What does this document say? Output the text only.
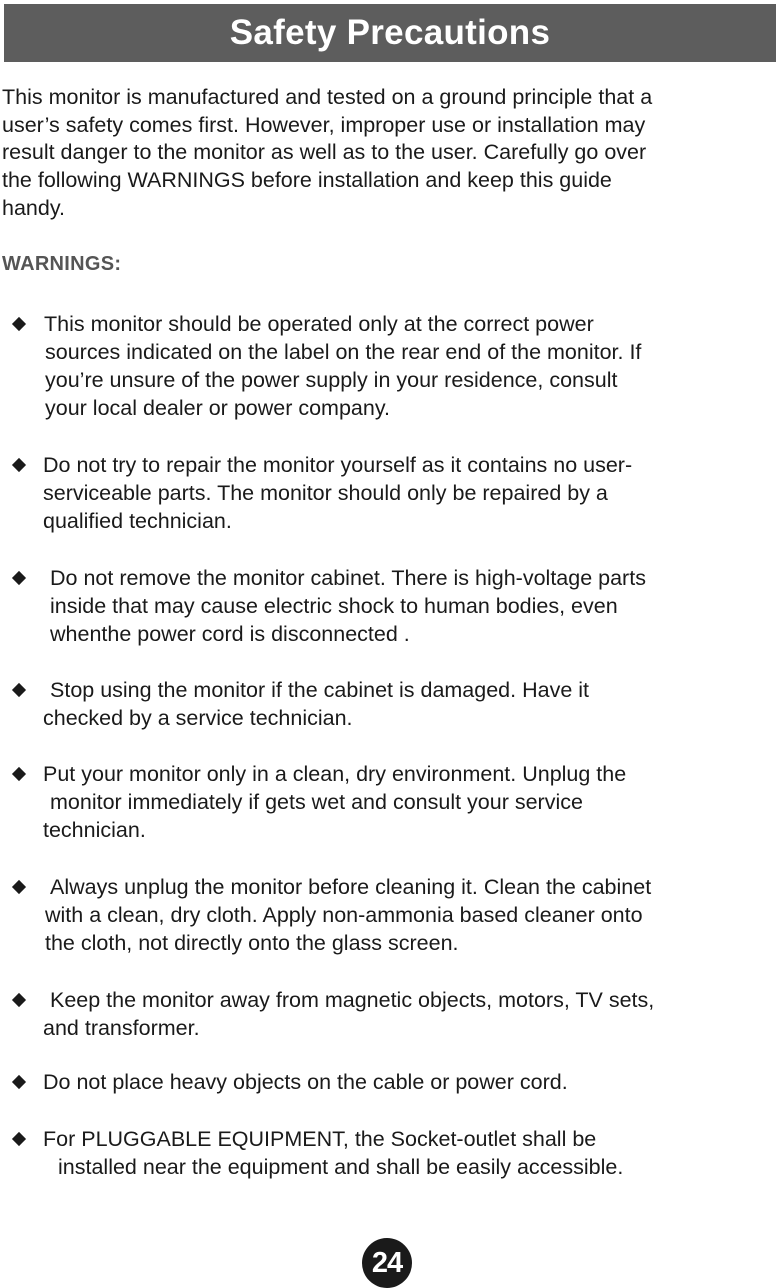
Safety Precautions
This monitor is manufactured and tested on a ground principle that a
user’s safety comes first. However, improper use or installation may
result danger to the monitor as well as to the user. Carefully go over
the following WARNINGS before installation and keep this guide
handy.
WARNINGS:
This monitor should be operated only at the correct power
sources indicated on the label on the rear end of the monitor. If
you’re unsure of the power supply in your residence, consult
your local dealer or power company.
Do not try to repair the monitor yourself as it contains no user-
serviceable parts. The monitor should only be repaired by a
qualified technician.
Do not remove the monitor cabinet. There is high-voltage parts
inside that may cause electric shock to human bodies, even
whenthe power cord is disconnected .
Stop using the monitor if the cabinet is damaged. Have it
checked by a service technician.
Put your monitor only in a clean, dry environment. Unplug the
monitor immediately if gets wet and consult your service
technician.
Always unplug the monitor before cleaning it. Clean the cabinet
with a clean, dry cloth. Apply non-ammonia based cleaner onto
the cloth, not directly onto the glass screen.
Keep the monitor away from magnetic objects, motors, TV sets,
and transformer.
Do not place heavy objects on the cable or power cord.
For PLUGGABLE EQUIPMENT, the Socket-outlet shall be
installed near the equipment and shall be easily accessible.
24
